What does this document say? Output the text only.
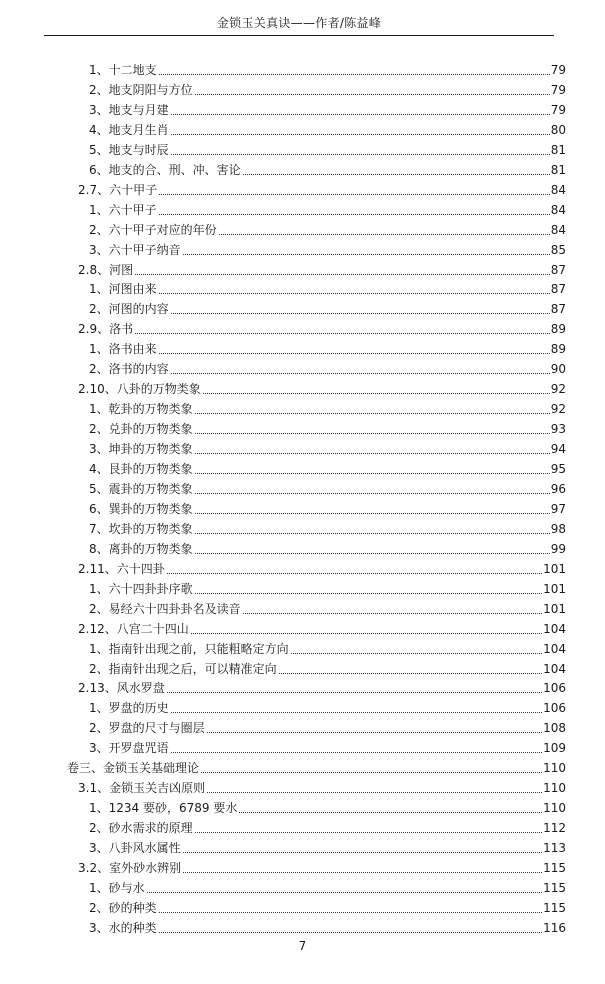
金锁玉关真诀——作者/陈益峰
1、十二地支	79
2、地支阴阳与方位	79
3、地支与月建	79
4、地支月生肖	80
5、地支与时辰	81
6、地支的合、刑、冲、害论	81
2.7、六十甲子	84
1、六十甲子	84
2、六十甲子对应的年份	84
3、六十甲子纳音	85
2.8、河图	87
1、河图由来	87
2、河图的内容	87
2.9、洛书	89
1、洛书由来	89
2、洛书的内容	90
2.10、八卦的万物类象	92
1、乾卦的万物类象	92
2、兑卦的万物类象	93
3、坤卦的万物类象	94
4、艮卦的万物类象	95
5、震卦的万物类象	96
6、巽卦的万物类象	97
7、坎卦的万物类象	98
8、离卦的万物类象	99
2.11、六十四卦	101
1、六十四卦卦序歌	101
2、易经六十四卦卦名及读音	101
2.12、八宫二十四山	104
1、指南针出现之前，只能粗略定方向	104
2、指南针出现之后，可以精准定向	104
2.13、风水罗盘	106
1、罗盘的历史	106
2、罗盘的尺寸与圈层	108
3、开罗盘咒语	109
卷三、金锁玉关基础理论	110
3.1、金锁玉关吉凶原则	110
1、1234 要砂，6789 要水	110
2、砂水需求的原理	112
3、八卦风水属性	113
3.2、室外砂水辨别	115
1、砂与水	115
2、砂的种类	115
3、水的种类	116
7
